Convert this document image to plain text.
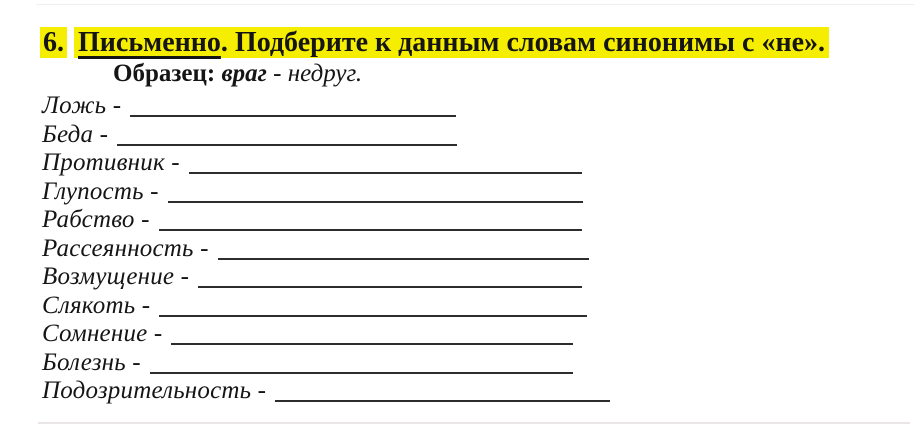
6. Письменно. Подберите к данным словам синонимы с «не».
Образец: враг - недруг.
Ложь -
Беда -
Противник -
Глупость -
Рабство -
Рассеянность -
Возмущение -
Слякоть -
Сомнение -
Болезнь -
Подозрительность -
